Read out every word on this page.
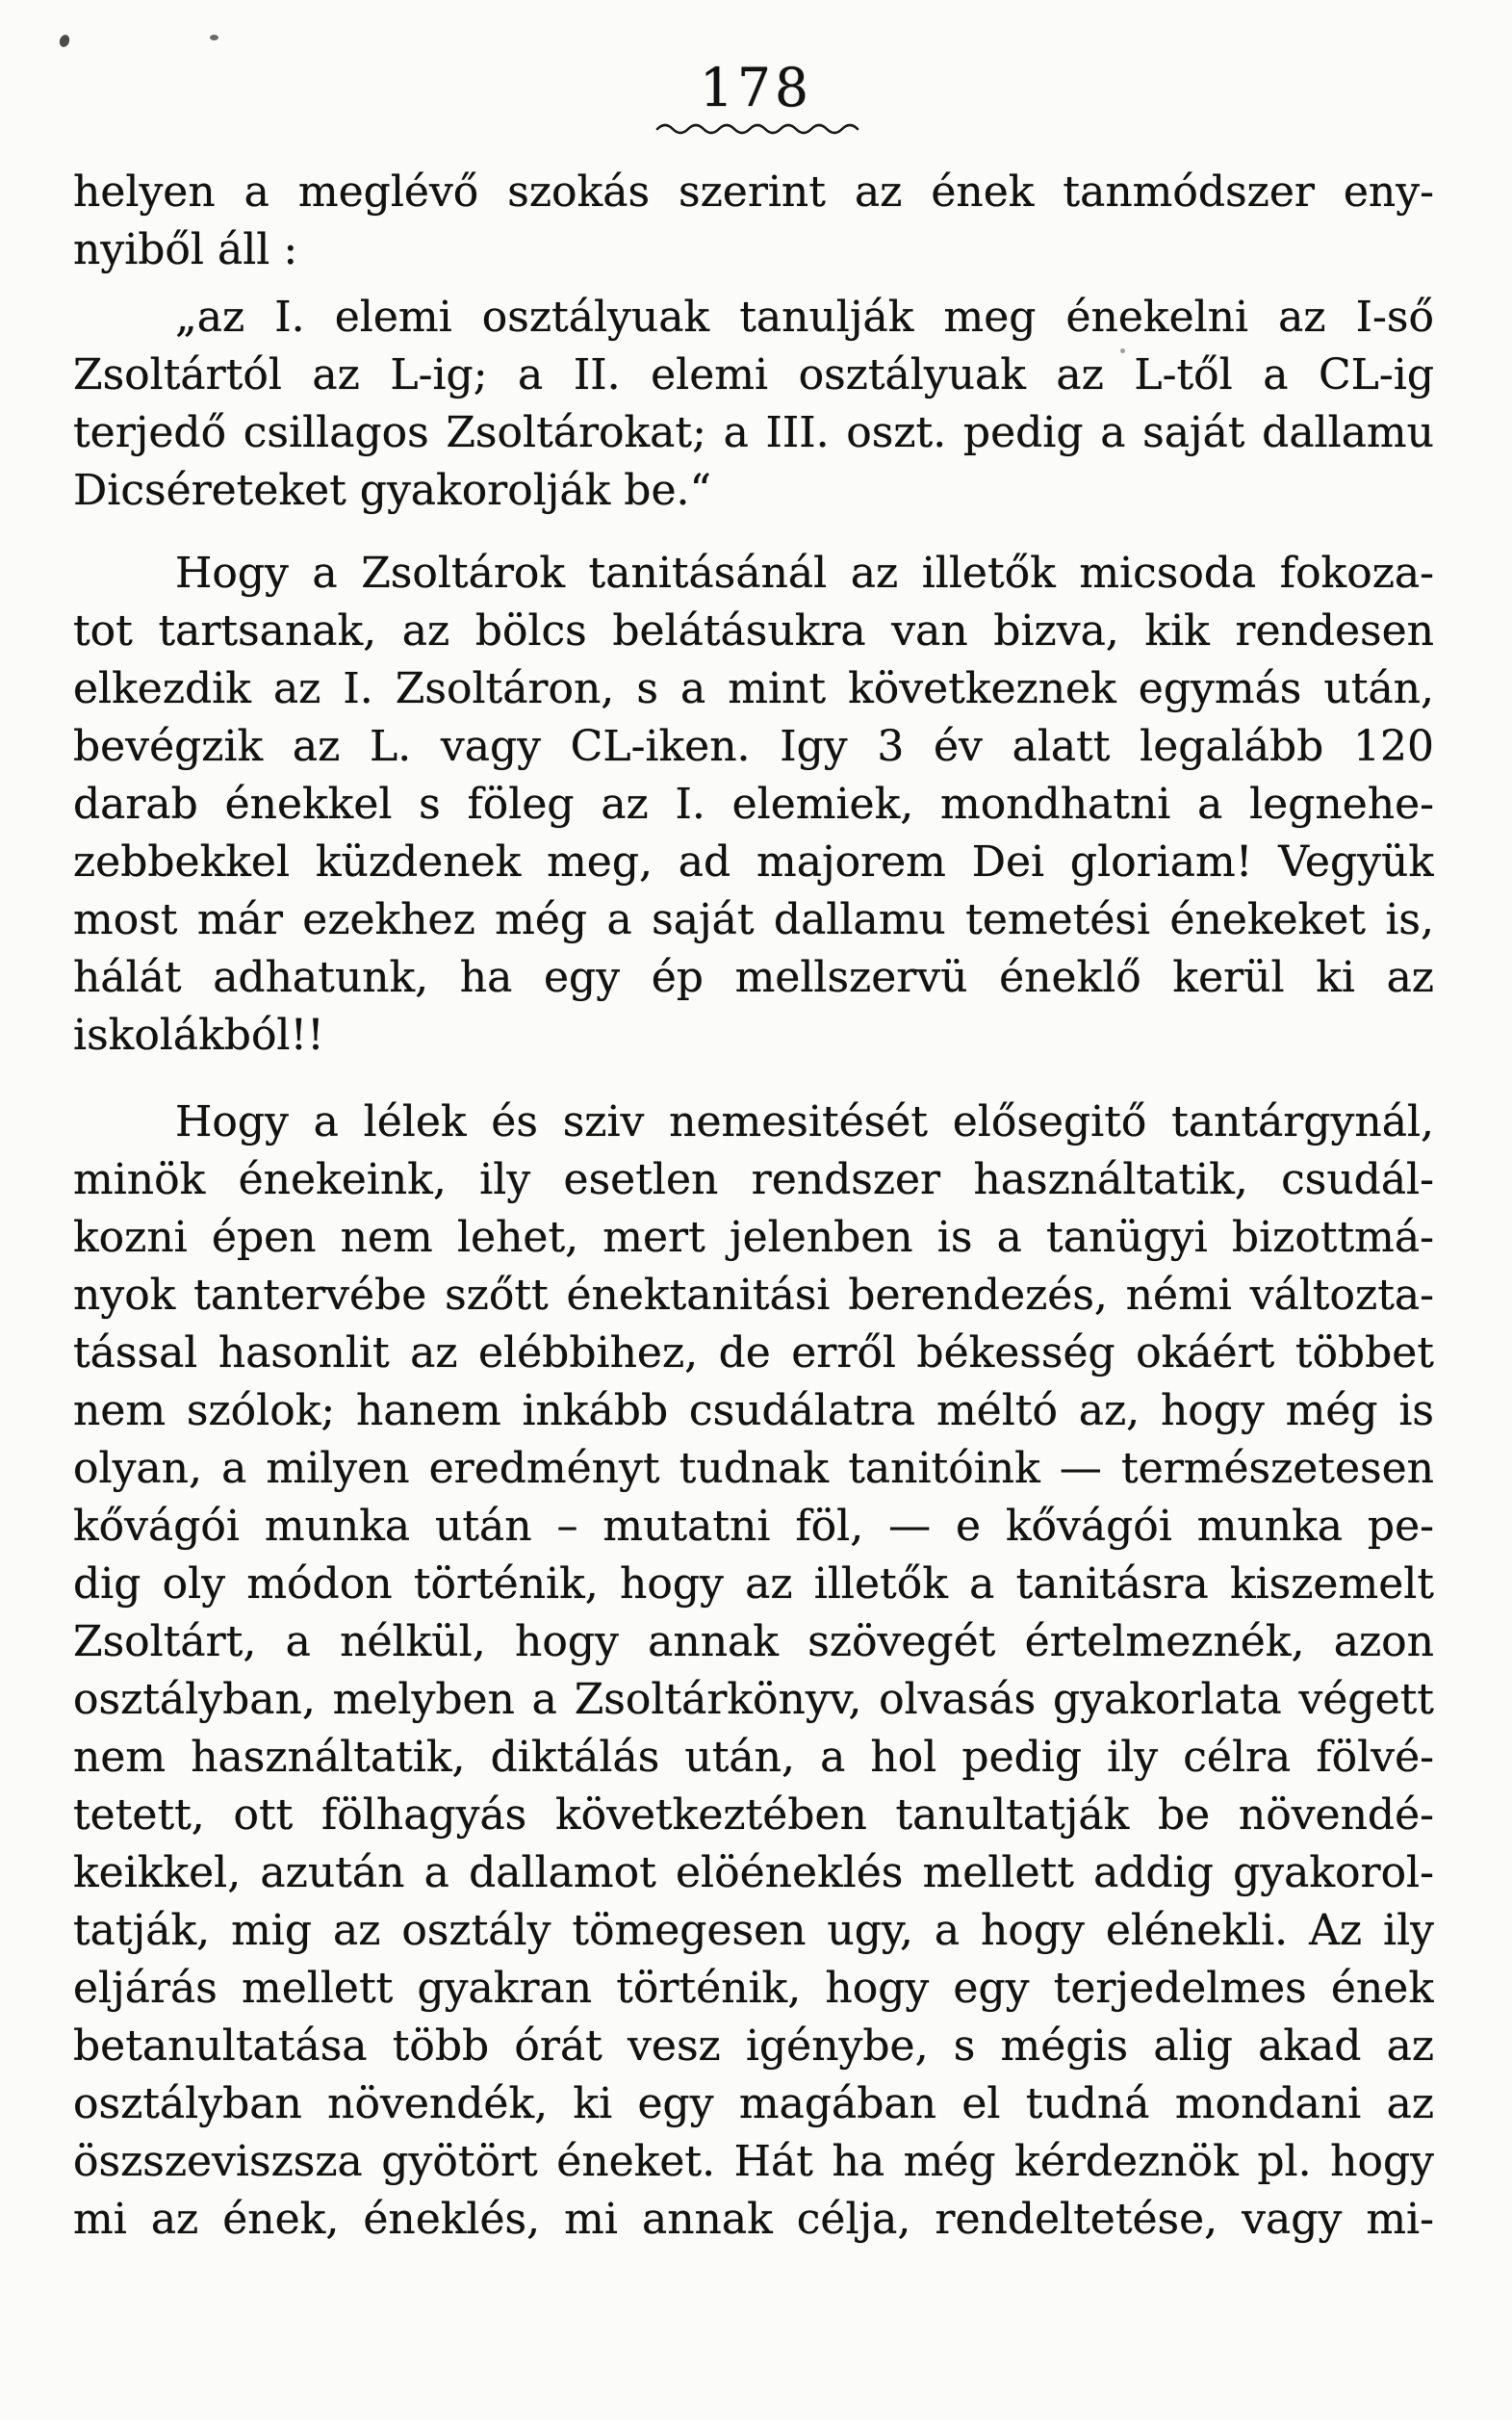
178
helyen a meglévő szokás szerint az ének tanmódszer eny-
nyiből áll :
„az I. elemi osztályuak tanulják meg énekelni az I-ső
Zsoltártól az L-ig; a II. elemi osztályuak az L-től a CL-ig
terjedő csillagos Zsoltárokat; a III. oszt. pedig a saját dallamu
Dicséreteket gyakorolják be.“
Hogy a Zsoltárok tanitásánál az illetők micsoda fokoza-
tot tartsanak, az bölcs belátásukra van bizva, kik rendesen
elkezdik az I. Zsoltáron, s a mint következnek egymás után,
bevégzik az L. vagy CL-iken. Igy 3 év alatt legalább 120
darab énekkel s föleg az I. elemiek, mondhatni a legnehe-
zebbekkel küzdenek meg, ad majorem Dei gloriam! Vegyük
most már ezekhez még a saját dallamu temetési énekeket is,
hálát adhatunk, ha egy ép mellszervü éneklő kerül ki az
iskolákból!!
Hogy a lélek és sziv nemesitését elősegitő tantárgynál,
minök énekeink, ily esetlen rendszer használtatik, csudál-
kozni épen nem lehet, mert jelenben is a tanügyi bizottmá-
nyok tantervébe szőtt énektanitási berendezés, némi változta-
tással hasonlit az elébbihez, de erről békesség okáért többet
nem szólok; hanem inkább csudálatra méltó az, hogy még is
olyan, a milyen eredményt tudnak tanitóink — természetesen
kővágói munka után – mutatni föl, — e kővágói munka pe-
dig oly módon történik, hogy az illetők a tanitásra kiszemelt
Zsoltárt, a nélkül, hogy annak szövegét értelmeznék, azon
osztályban, melyben a Zsoltárkönyv, olvasás gyakorlata végett
nem használtatik, diktálás után, a hol pedig ily célra fölvé-
tetett, ott fölhagyás következtében tanultatják be növendé-
keikkel, azután a dallamot elöéneklés mellett addig gyakorol-
tatják, mig az osztály tömegesen ugy, a hogy elénekli. Az ily
eljárás mellett gyakran történik, hogy egy terjedelmes ének
betanultatása több órát vesz igénybe, s mégis alig akad az
osztályban növendék, ki egy magában el tudná mondani az
öszszeviszsza gyötört éneket. Hát ha még kérdeznök pl. hogy
mi az ének, éneklés, mi annak célja, rendeltetése, vagy mi-
